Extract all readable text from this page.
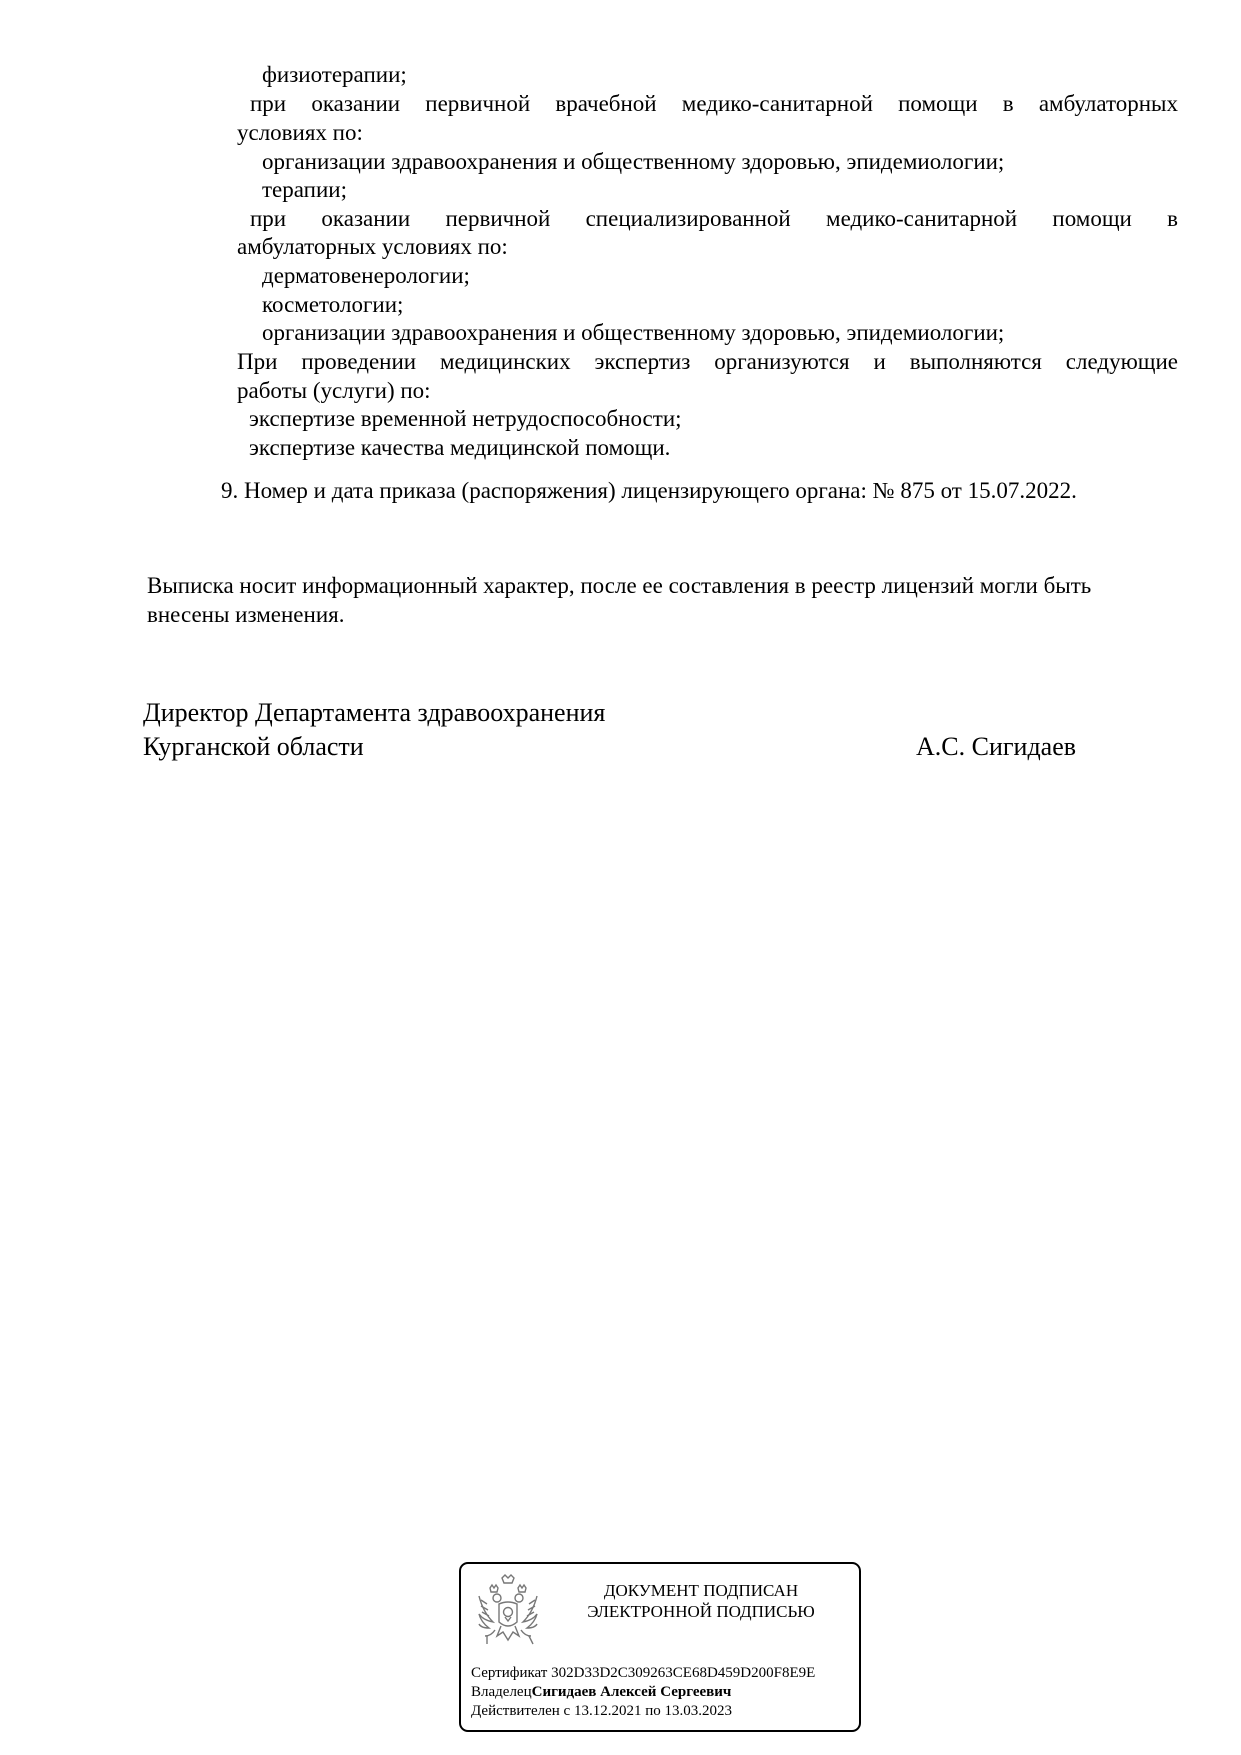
физиотерапии;
при оказании первичной врачебной медико-санитарной помощи в амбулаторных
условиях по:
организации здравоохранения и общественному здоровью, эпидемиологии;
терапии;
при оказании первичной специализированной медико-санитарной помощи в
амбулаторных условиях по:
дерматовенерологии;
косметологии;
организации здравоохранения и общественному здоровью, эпидемиологии;
При проведении медицинских экспертиз организуются и выполняются следующие
работы (услуги) по:
экспертизе временной нетрудоспособности;
экспертизе качества медицинской помощи.
9. Номер и дата приказа (распоряжения) лицензирующего органа: № 875 от 15.07.2022.
Выписка носит информационный характер, после ее составления в реестр лицензий могли быть
внесены изменения.
Директор Департамента здравоохранения
Курганской области	А.С. Сигидаев
ДОКУМЕНТ ПОДПИСАН
ЭЛЕКТРОННОЙ ПОДПИСЬЮ
Сертификат 302D33D2C309263CE68D459D200F8E9E
ВладелецСигидаев Алексей Сергеевич
Действителен с 13.12.2021 по 13.03.2023
